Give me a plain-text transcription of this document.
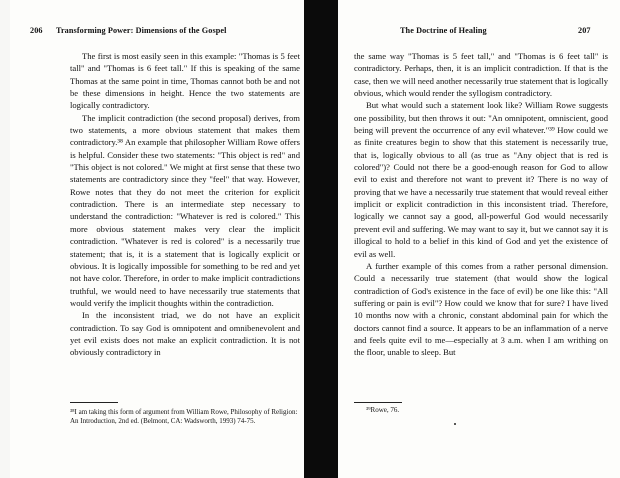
206 Transforming Power: Dimensions of the Gospel

The first is most easily seen in this example: "Thomas is 5 feet tall" and "Thomas is 6 feet tall." If this is speaking of the same Thomas at the same point in time, Thomas cannot both be and not be these dimensions in height. Hence the two statements are logically contradictory.

The implicit contradiction (the second proposal) derives, from two statements, a more obvious statement that makes them contradictory.³⁸ An example that philosopher William Rowe offers is helpful. Consider these two statements: "This object is red" and "This object is not colored." We might at first sense that these two statements are contradictory since they "feel" that way. However, Rowe notes that they do not meet the criterion for explicit contradiction. There is an intermediate step necessary to understand the contradiction: "Whatever is red is colored." This more obvious statement makes very clear the implicit contradiction. "Whatever is red is colored" is a necessarily true statement; that is, it is a statement that is logically explicit or obvious. It is logically impossible for something to be red and yet not have color. Therefore, in order to make implicit contradictions truthful, we would need to have necessarily true statements that would verify the implicit thoughts within the contradiction.

In the inconsistent triad, we do not have an explicit contradiction. To say God is omnipotent and omnibenevolent and yet evil exists does not make an explicit contradiction. It is not obviously contradictory in

³⁸I am taking this form of argument from William Rowe, Philosophy of Religion: An Introduction, 2nd ed. (Belmont, CA: Wadsworth, 1993) 74-75.
The Doctrine of Healing	207

the same way "Thomas is 5 feet tall," and "Thomas is 6 feet tall" is contradictory. Perhaps, then, it is an implicit contradiction. If that is the case, then we will need another necessarily true statement that is logically obvious, which would render the syllogism contradictory.

But what would such a statement look like? William Rowe suggests one possibility, but then throws it out: "An omnipotent, omniscient, good being will prevent the occurrence of any evil whatever."³⁹ How could we as finite creatures begin to show that this statement is necessarily true, that is, logically obvious to all (as true as "Any object that is red is colored")? Could not there be a good-enough reason for God to allow evil to exist and therefore not want to prevent it? There is no way of proving that we have a necessarily true statement that would reveal either implicit or explicit contradiction in this inconsistent triad. Therefore, logically we cannot say a good, all-powerful God would necessarily prevent evil and suffering. We may want to say it, but we cannot say it is illogical to hold to a belief in this kind of God and yet the existence of evil as well.

A further example of this comes from a rather personal dimension. Could a necessarily true statement (that would show the logical contradiction of God's existence in the face of evil) be one like this: "All suffering or pain is evil"? How could we know that for sure? I have lived 10 months now with a chronic, constant abdominal pain for which the doctors cannot find a source. It appears to be an inflammation of a nerve and feels quite evil to me—especially at 3 a.m. when I am writhing on the floor, unable to sleep. But

³⁹Rowe, 76.
